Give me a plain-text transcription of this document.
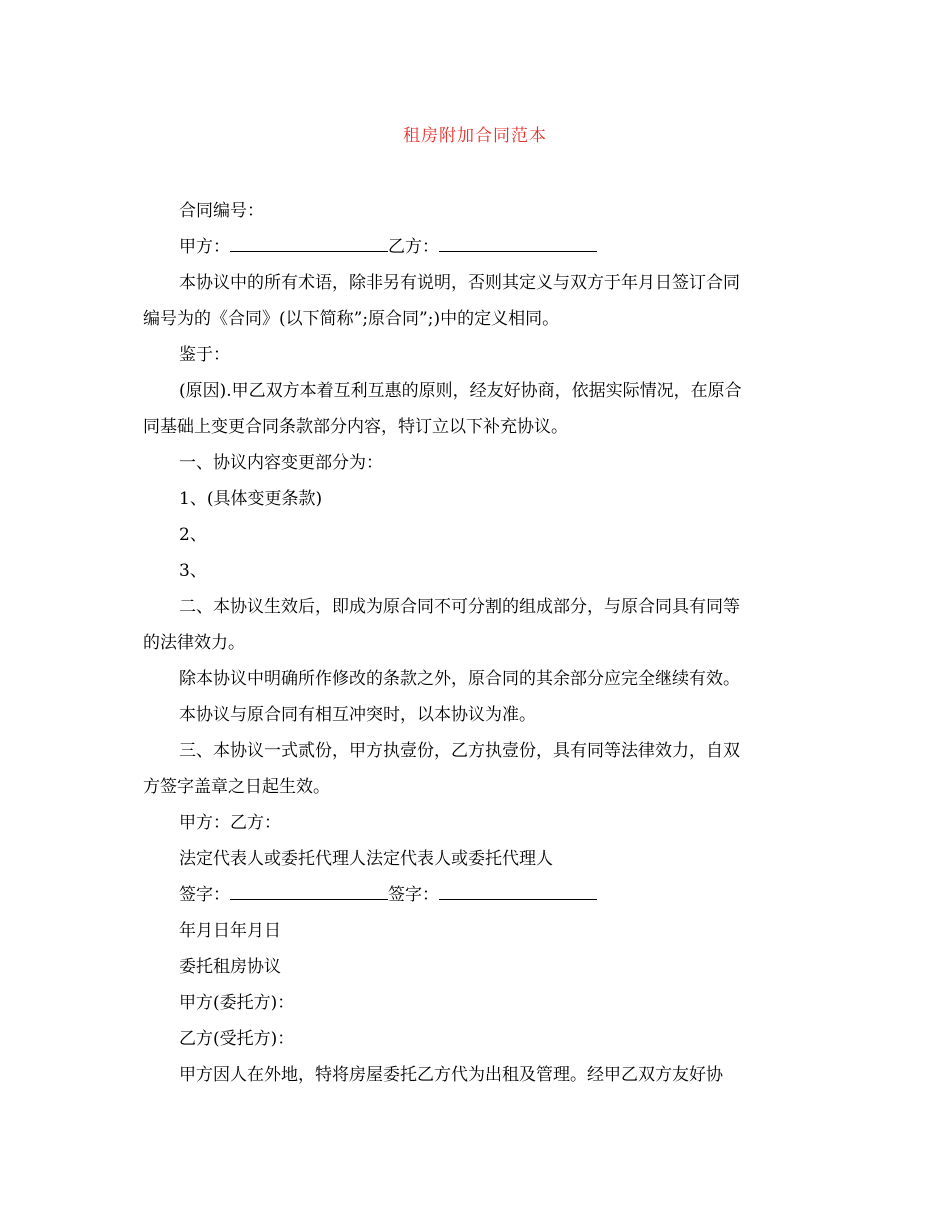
租房附加合同范本

合同编号：

甲方：	乙方：

本协议中的所有术语，除非另有说明，否则其定义与双方于年月日签订合同

编号为的《合同》(以下简称”;原合同”;)中的定义相同。

鉴于：

(原因).甲乙双方本着互利互惠的原则，经友好协商，依据实际情况，在原合

同基础上变更合同条款部分内容，特订立以下补充协议。

一、协议内容变更部分为：

1、(具体变更条款)

2、

3、

二、本协议生效后，即成为原合同不可分割的组成部分，与原合同具有同等

的法律效力。

除本协议中明确所作修改的条款之外，原合同的其余部分应完全继续有效。

本协议与原合同有相互冲突时，以本协议为准。

三、本协议一式贰份，甲方执壹份，乙方执壹份，具有同等法律效力，自双

方签字盖章之日起生效。

甲方：乙方：

法定代表人或委托代理人法定代表人或委托代理人

签字：	签字：

年月日年月日

委托租房协议

甲方(委托方)：

乙方(受托方)：

甲方因人在外地，特将房屋委托乙方代为出租及管理。经甲乙双方友好协
